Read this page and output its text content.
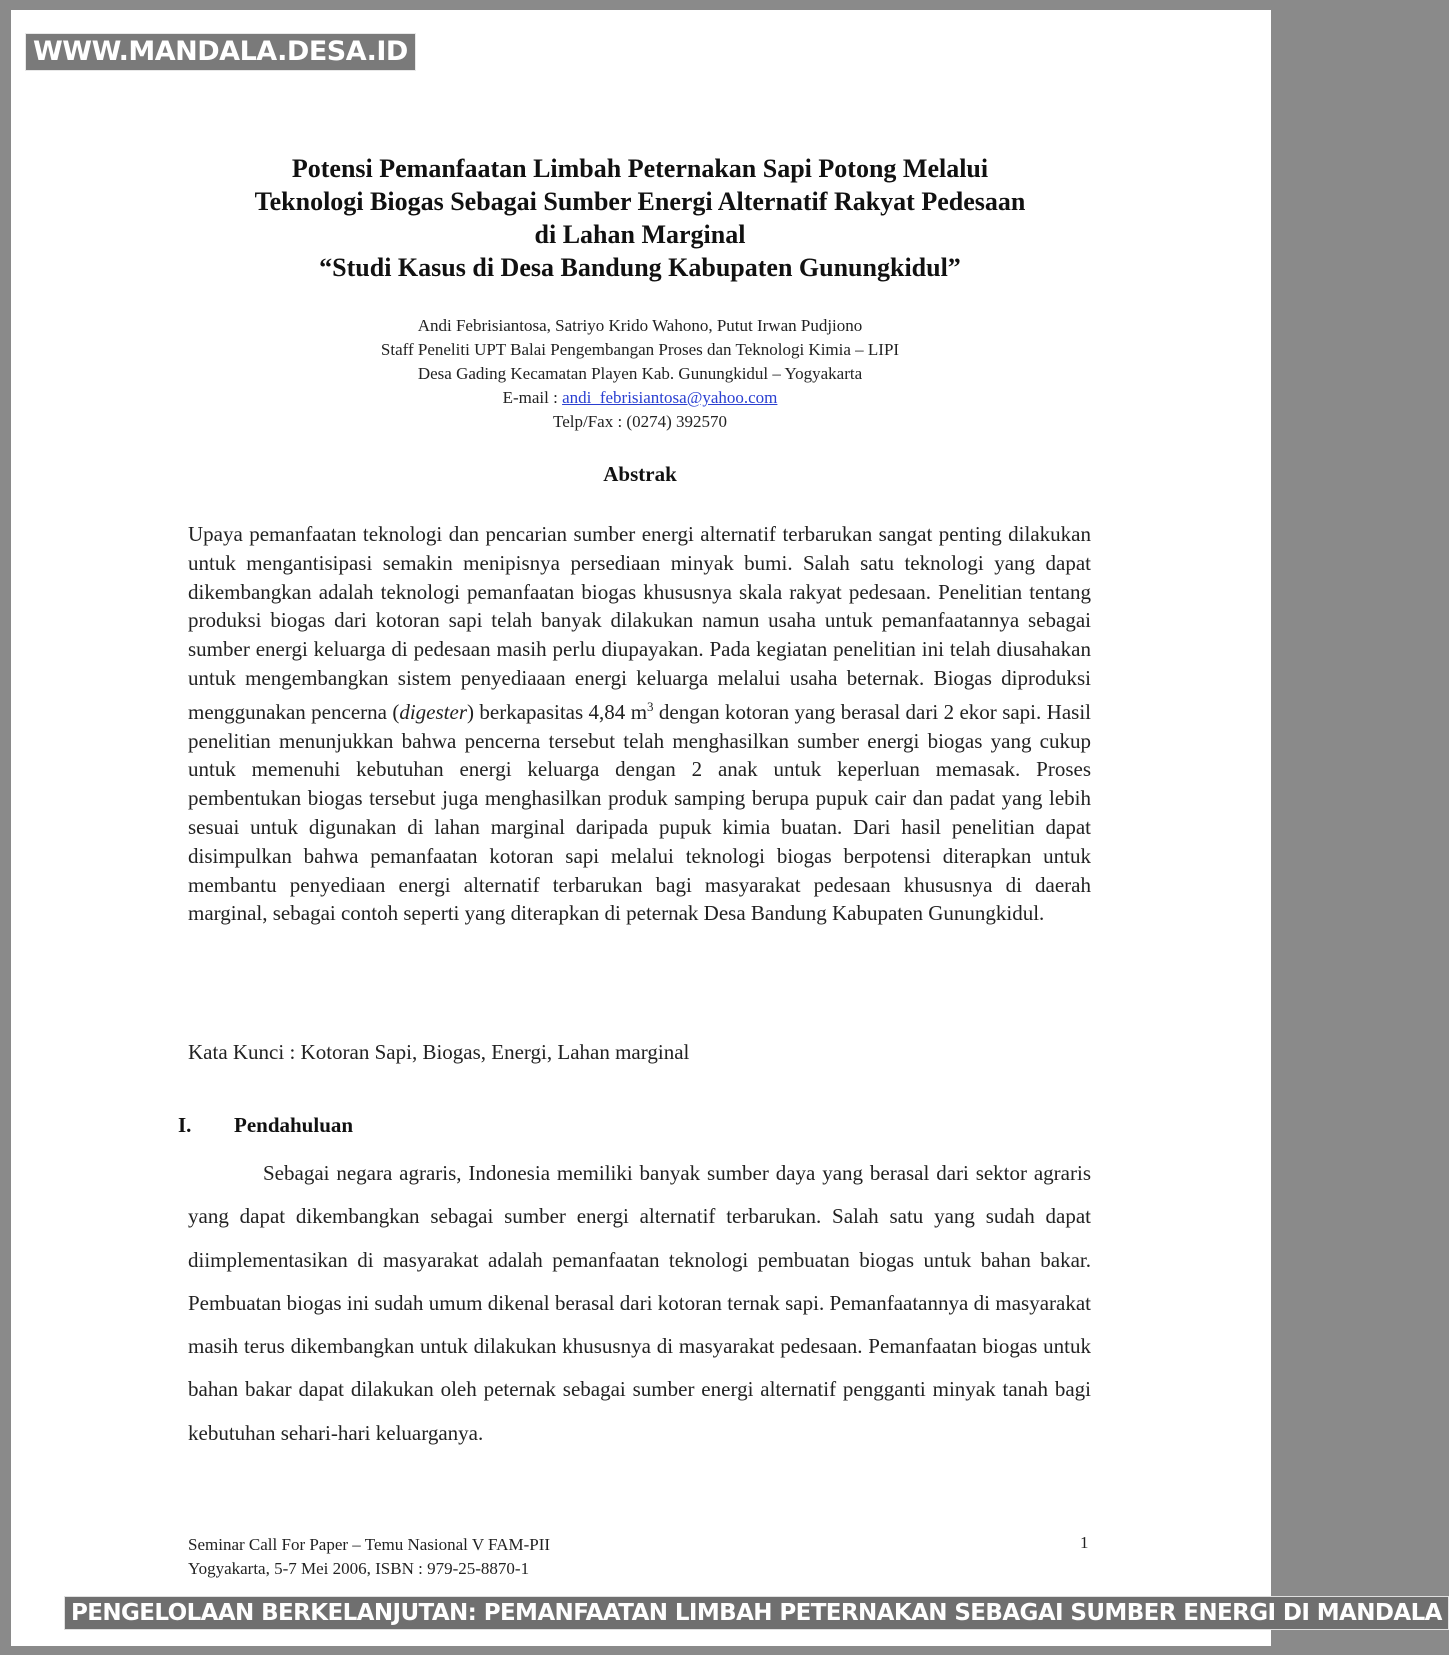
WWW.MANDALA.DESA.ID

Potensi Pemanfaatan Limbah Peternakan Sapi Potong Melalui

Teknologi Biogas Sebagai Sumber Energi Alternatif Rakyat Pedesaan

di Lahan Marginal

“Studi Kasus di Desa Bandung Kabupaten Gunungkidul”

Andi Febrisiantosa, Satriyo Krido Wahono, Putut Irwan Pudjiono
Staff Peneliti UPT Balai Pengembangan Proses dan Teknologi Kimia – LIPI
Desa Gading Kecamatan Playen Kab. Gunungkidul – Yogyakarta
E-mail : andi_febrisiantosa@yahoo.com
Telp/Fax : (0274) 392570
Abstrak
Upaya pemanfaatan teknologi dan pencarian sumber energi alternatif terbarukan sangat penting dilakukan untuk mengantisipasi semakin menipisnya persediaan minyak bumi. Salah satu teknologi yang dapat dikembangkan adalah teknologi pemanfaatan biogas khususnya skala rakyat pedesaan. Penelitian tentang produksi biogas dari kotoran sapi telah banyak dilakukan namun usaha untuk pemanfaatannya sebagai sumber energi keluarga di pedesaan masih perlu diupayakan. Pada kegiatan penelitian ini telah diusahakan untuk mengembangkan sistem penyediaaan energi keluarga melalui usaha beternak. Biogas diproduksi menggunakan pencerna (digester) berkapasitas 4,84 $m^3$ dengan kotoran yang berasal dari 2 ekor sapi. Hasil penelitian menunjukkan bahwa pencerna tersebut telah menghasilkan sumber energi biogas yang cukup untuk memenuhi kebutuhan energi keluarga dengan 2 anak untuk keperluan memasak. Proses pembentukan biogas tersebut juga menghasilkan produk samping berupa pupuk cair dan padat yang lebih sesuai untuk digunakan di lahan marginal daripada pupuk kimia buatan. Dari hasil penelitian dapat disimpulkan bahwa pemanfaatan kotoran sapi melalui teknologi biogas berpotensi diterapkan untuk membantu penyediaan energi alternatif terbarukan bagi masyarakat pedesaan khususnya di daerah marginal, sebagai contoh seperti yang diterapkan di peternak Desa Bandung Kabupaten Gunungkidul.
Kata Kunci : Kotoran Sapi, Biogas, Energi, Lahan marginal
I. Pendahuluan
Sebagai negara agraris, Indonesia memiliki banyak sumber daya yang berasal dari sektor agraris yang dapat dikembangkan sebagai sumber energi alternatif terbarukan. Salah satu yang sudah dapat diimplementasikan di masyarakat adalah pemanfaatan teknologi pembuatan biogas untuk bahan bakar. Pembuatan biogas ini sudah umum dikenal berasal dari kotoran ternak sapi. Pemanfaatannya di masyarakat masih terus dikembangkan untuk dilakukan khususnya di masyarakat pedesaan. Pemanfaatan biogas untuk bahan bakar dapat dilakukan oleh peternak sebagai sumber energi alternatif pengganti minyak tanah bagi kebutuhan sehari-hari keluarganya.
Seminar Call For Paper – Temu Nasional V FAM-PII
Yogyakarta, 5-7 Mei 2006, ISBN : 979-25-8870-1
1
PENGELOLAAN BERKELANJUTAN: PEMANFAATAN LIMBAH PETERNAKAN SEBAGAI SUMBER ENERGI DI MANDALA
